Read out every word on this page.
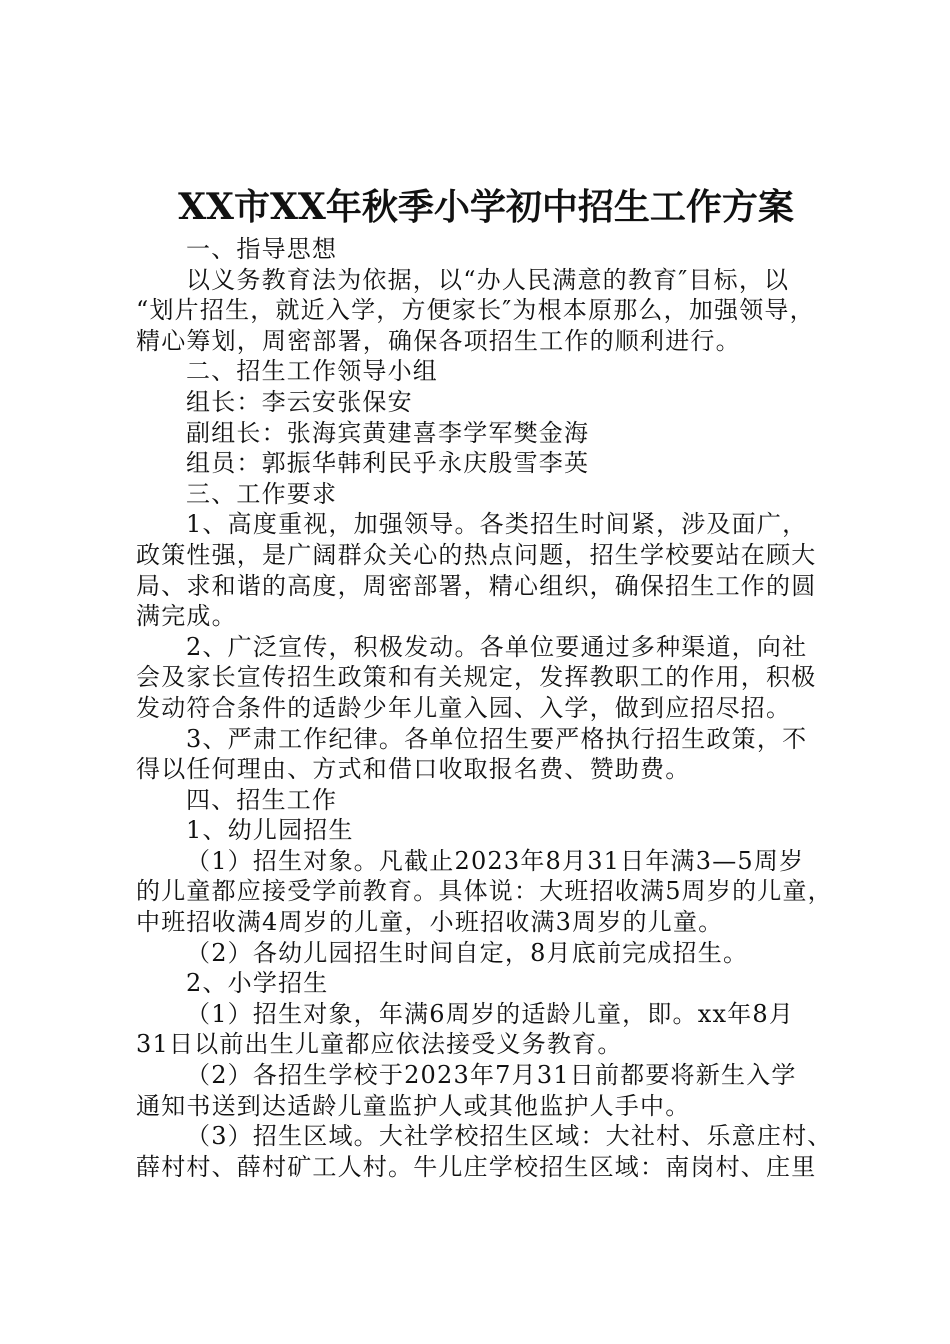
XX市XX年秋季小学初中招生工作方案
一、指导思想
以义务教育法为依据，以“办人民满意的教育″目标，以
“划片招生，就近入学，方便家长″为根本原那么，加强领导，
精心筹划，周密部署，确保各项招生工作的顺利进行。
二、招生工作领导小组
组长：李云安张保安
副组长：张海宾黄建喜李学军樊金海
组员：郭振华韩利民乎永庆殷雪李英
三、工作要求
1、高度重视，加强领导。各类招生时间紧，涉及面广，
政策性强，是广阔群众关心的热点问题，招生学校要站在顾大
局、求和谐的高度，周密部署，精心组织，确保招生工作的圆
满完成。
2、广泛宣传，积极发动。各单位要通过多种渠道，向社
会及家长宣传招生政策和有关规定，发挥教职工的作用，积极
发动符合条件的适龄少年儿童入园、入学，做到应招尽招。
3、严肃工作纪律。各单位招生要严格执行招生政策，不
得以任何理由、方式和借口收取报名费、赞助费。
四、招生工作
1、幼儿园招生
（1）招生对象。凡截止2023年8月31日年满3—5周岁
的儿童都应接受学前教育。具体说：大班招收满5周岁的儿童，
中班招收满4周岁的儿童，小班招收满3周岁的儿童。
（2）各幼儿园招生时间自定，8月底前完成招生。
2、小学招生
（1）招生对象，年满6周岁的适龄儿童，即。xx年8月
31日以前出生儿童都应依法接受义务教育。
（2）各招生学校于2023年7月31日前都要将新生入学
通知书送到达适龄儿童监护人或其他监护人手中。
（3）招生区域。大社学校招生区域：大社村、乐意庄村、
薛村村、薛村矿工人村。牛儿庄学校招生区域：南岗村、庄里
